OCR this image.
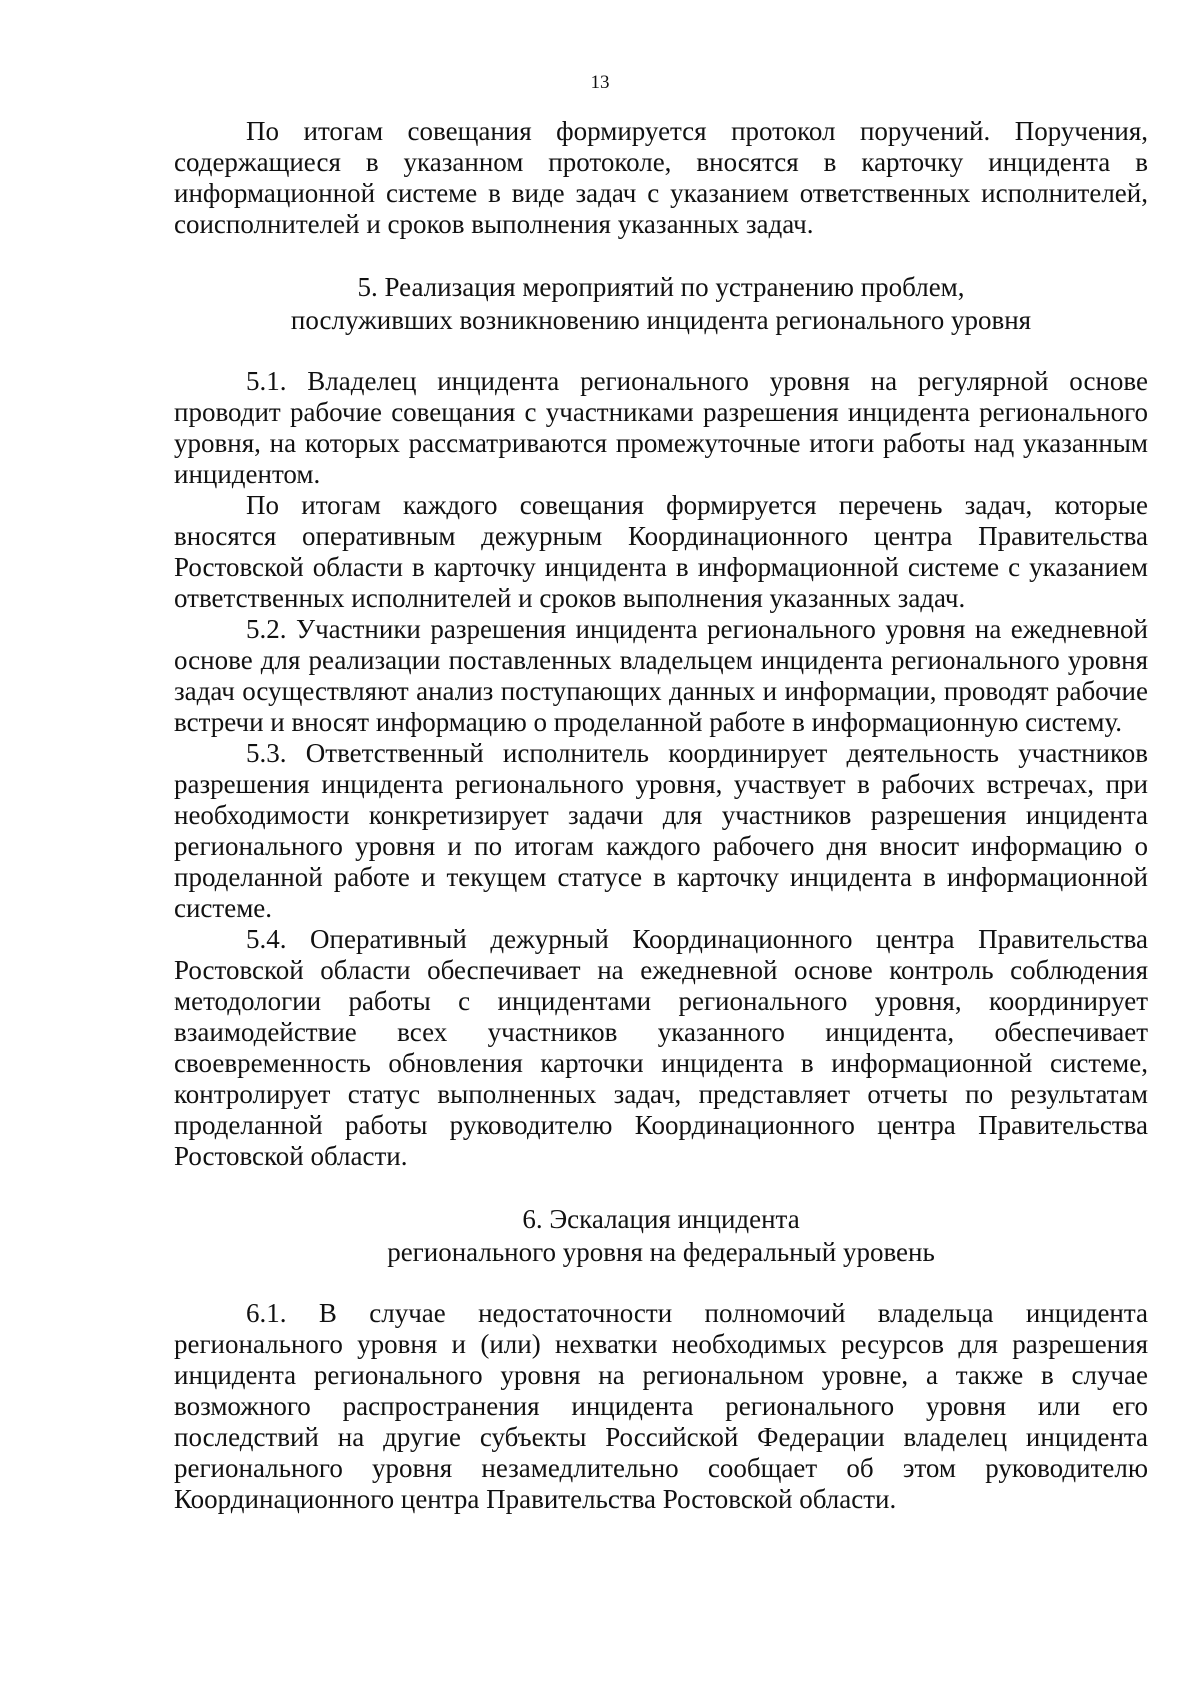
13

По итогам совещания формируется протокол поручений. Поручения, содержащиеся в указанном протоколе, вносятся в карточку инцидента в информационной системе в виде задач с указанием ответственных исполнителей, соисполнителей и сроков выполнения указанных задач.

5. Реализация мероприятий по устранению проблем,
послуживших возникновению инцидента регионального уровня

5.1. Владелец инцидента регионального уровня на регулярной основе проводит рабочие совещания с участниками разрешения инцидента регионального уровня, на которых рассматриваются промежуточные итоги работы над указанным инцидентом.

По итогам каждого совещания формируется перечень задач, которые вносятся оперативным дежурным Координационного центра Правительства Ростовской области в карточку инцидента в информационной системе с указанием ответственных исполнителей и сроков выполнения указанных задач.

5.2. Участники разрешения инцидента регионального уровня на ежедневной основе для реализации поставленных владельцем инцидента регионального уровня задач осуществляют анализ поступающих данных и информации, проводят рабочие встречи и вносят информацию о проделанной работе в информационную систему.

5.3. Ответственный исполнитель координирует деятельность участников разрешения инцидента регионального уровня, участвует в рабочих встречах, при необходимости конкретизирует задачи для участников разрешения инцидента регионального уровня и по итогам каждого рабочего дня вносит информацию о проделанной работе и текущем статусе в карточку инцидента в информационной системе.

5.4. Оперативный дежурный Координационного центра Правительства Ростовской области обеспечивает на ежедневной основе контроль соблюдения методологии работы с инцидентами регионального уровня, координирует взаимодействие всех участников указанного инцидента, обеспечивает своевременность обновления карточки инцидента в информационной системе, контролирует статус выполненных задач, представляет отчеты по результатам проделанной работы руководителю Координационного центра Правительства Ростовской области.

6. Эскалация инцидента
регионального уровня на федеральный уровень

6.1. В случае недостаточности полномочий владельца инцидента регионального уровня и (или) нехватки необходимых ресурсов для разрешения инцидента регионального уровня на региональном уровне, а также в случае возможного распространения инцидента регионального уровня или его последствий на другие субъекты Российской Федерации владелец инцидента регионального уровня незамедлительно сообщает об этом руководителю Координационного центра Правительства Ростовской области.
